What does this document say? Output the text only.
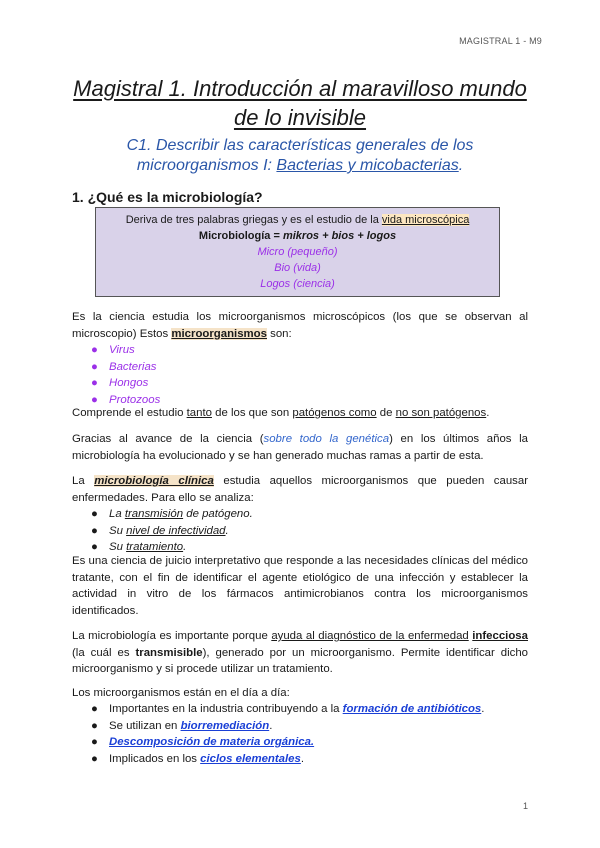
MAGISTRAL 1 - M9
Magistral 1. Introducción al maravilloso mundo de lo invisible
C1. Describir las características generales de los microorganismos I: Bacterias y micobacterias.
1. ¿Qué es la microbiología?
Deriva de tres palabras griegas y es el estudio de la vida microscópica
Microbiología = mikros + bios + logos
Micro (pequeño)
Bio (vida)
Logos (ciencia)
Es la ciencia estudia los microorganismos microscópicos (los que se observan al microscopio) Estos microorganismos son:
● Virus
● Bacterias
● Hongos
● Protozoos
Comprende el estudio tanto de los que son patógenos como de no son patógenos.
Gracias al avance de la ciencia (sobre todo la genética) en los últimos años la microbiología ha evolucionado y se han generado muchas ramas a partir de esta.
La microbiología clínica estudia aquellos microorganismos que pueden causar enfermedades. Para ello se analiza:
● La transmisión de patógeno.
● Su nivel de infectividad.
● Su tratamiento.
Es una ciencia de juicio interpretativo que responde a las necesidades clínicas del médico tratante, con el fin de identificar el agente etiológico de una infección y establecer la actividad in vitro de los fármacos antimicrobianos contra los microorganismos identificados.
La microbiología es importante porque ayuda al diagnóstico de la enfermedad infecciosa (la cuál es transmisible), generado por un microorganismo. Permite identificar dicho microorganismo y si procede utilizar un tratamiento.
Los microorganismos están en el día a día:
● Importantes en la industria contribuyendo a la formación de antibióticos.
● Se utilizan en biorremediación.
● Descomposición de materia orgánica.
● Implicados en los ciclos elementales.
1
